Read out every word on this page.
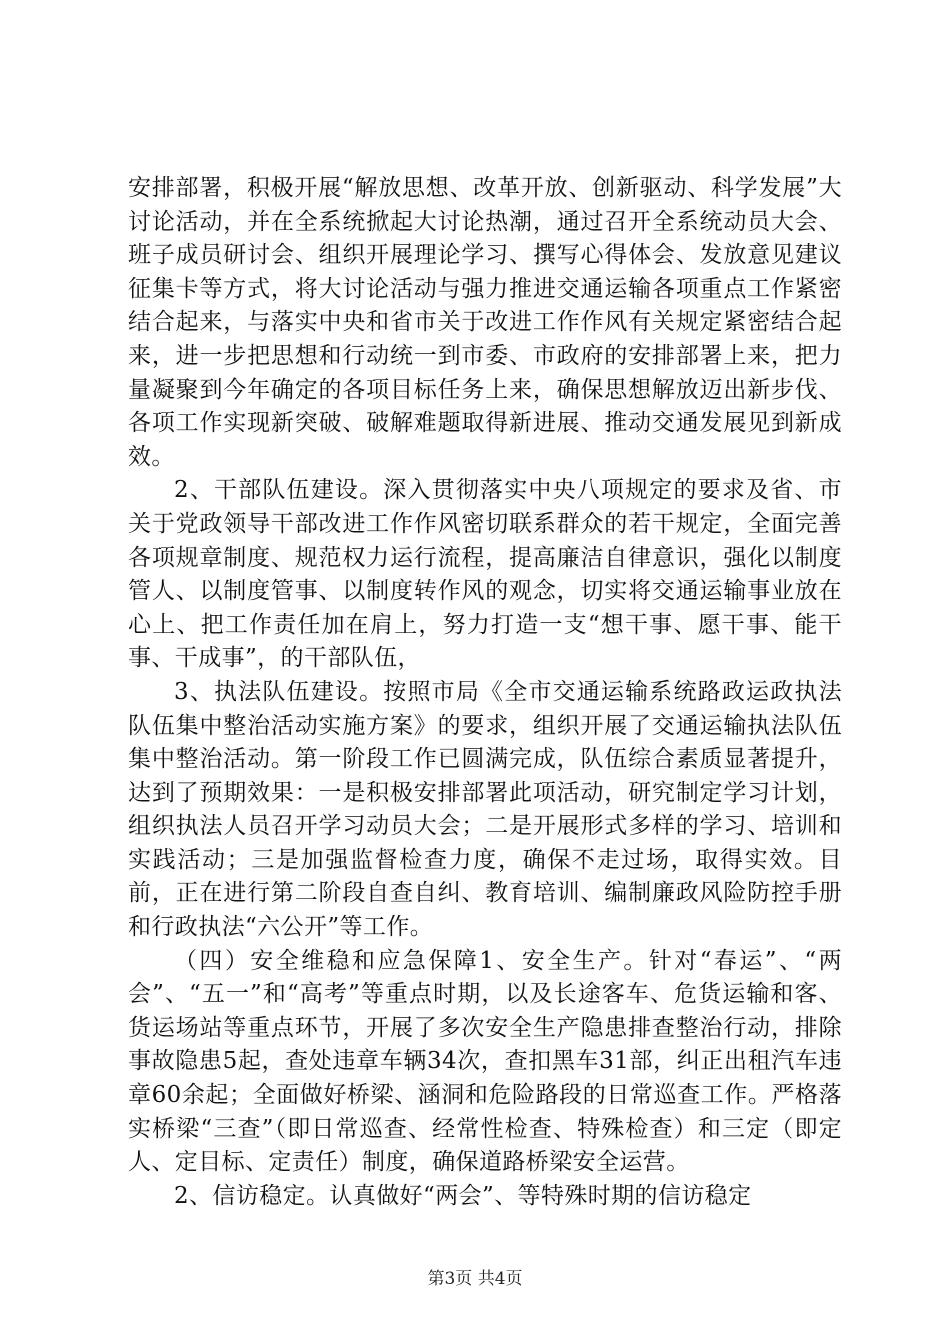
安排部署，积极开展“解放思想、改革开放、创新驱动、科学发展”大讨论活动，并在全系统掀起大讨论热潮，通过召开全系统动员大会、班子成员研讨会、组织开展理论学习、撰写心得体会、发放意见建议征集卡等方式，将大讨论活动与强力推进交通运输各项重点工作紧密结合起来，与落实中央和省市关于改进工作作风有关规定紧密结合起来，进一步把思想和行动统一到市委、市政府的安排部署上来，把力量凝聚到今年确定的各项目标任务上来，确保思想解放迈出新步伐、各项工作实现新突破、破解难题取得新进展、推动交通发展见到新成效。

2、干部队伍建设。深入贯彻落实中央八项规定的要求及省、市关于党政领导干部改进工作作风密切联系群众的若干规定，全面完善各项规章制度、规范权力运行流程，提高廉洁自律意识，强化以制度管人、以制度管事、以制度转作风的观念，切实将交通运输事业放在心上、把工作责任加在肩上，努力打造一支“想干事、愿干事、能干事、干成事”，的干部队伍，

3、执法队伍建设。按照市局《全市交通运输系统路政运政执法队伍集中整治活动实施方案》的要求，组织开展了交通运输执法队伍集中整治活动。第一阶段工作已圆满完成，队伍综合素质显著提升，达到了预期效果：一是积极安排部署此项活动，研究制定学习计划，组织执法人员召开学习动员大会；二是开展形式多样的学习、培训和实践活动；三是加强监督检查力度，确保不走过场，取得实效。目前，正在进行第二阶段自查自纠、教育培训、编制廉政风险防控手册和行政执法“六公开”等工作。

（四）安全维稳和应急保障1、安全生产。针对“春运”、“两会”、“五一”和“高考”等重点时期，以及长途客车、危货运输和客、货运场站等重点环节，开展了多次安全生产隐患排查整治行动，排除事故隐患5起，查处违章车辆34次，查扣黑车31部，纠正出租汽车违章60余起；全面做好桥梁、涵洞和危险路段的日常巡查工作。严格落实桥梁“三查”（即日常巡查、经常性检查、特殊检查）和三定（即定人、定目标、定责任）制度，确保道路桥梁安全运营。

2、信访稳定。认真做好“两会”、等特殊时期的信访稳定

第3页 共4页
